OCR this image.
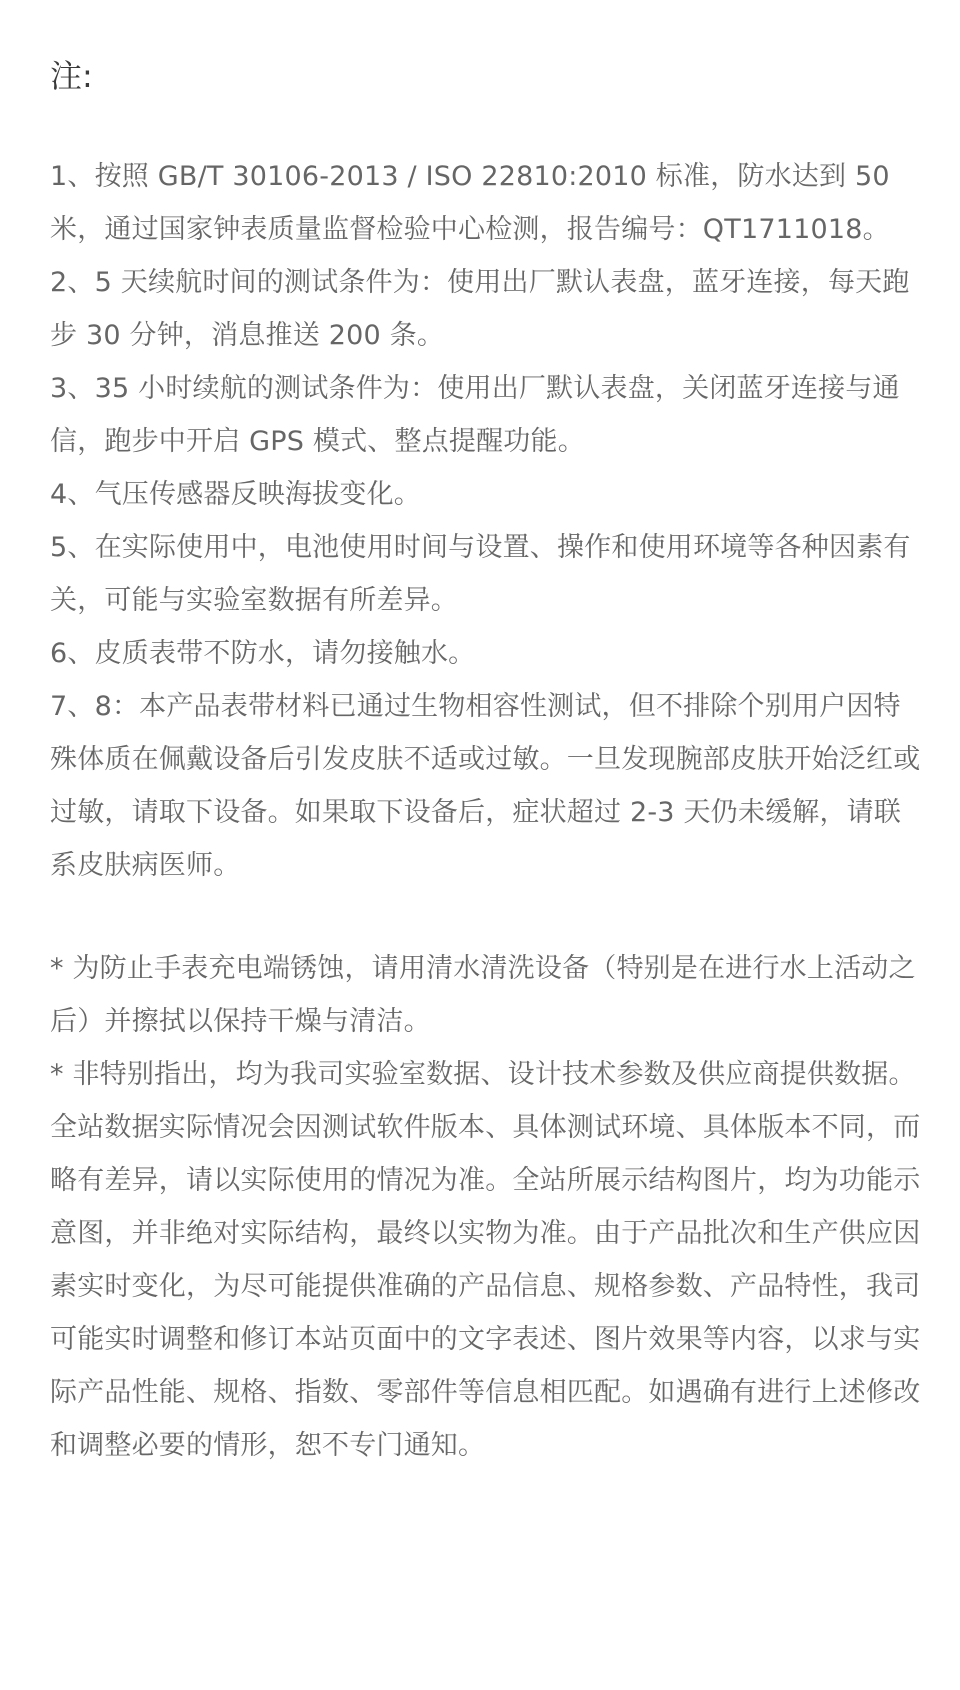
注:

1、按照 GB/T 30106-2013 / ISO 22810:2010 标准，防水达到 50 米，通过国家钟表质量监督检验中心检测，报告编号：QT1711018。

2、5 天续航时间的测试条件为：使用出厂默认表盘，蓝牙连接，每天跑步 30 分钟，消息推送 200 条。

3、35 小时续航的测试条件为：使用出厂默认表盘，关闭蓝牙连接与通信，跑步中开启 GPS 模式、整点提醒功能。

4、气压传感器反映海拔变化。

5、在实际使用中，电池使用时间与设置、操作和使用环境等各种因素有关，可能与实验室数据有所差异。

6、皮质表带不防水，请勿接触水。

7、8：本产品表带材料已通过生物相容性测试，但不排除个别用户因特殊体质在佩戴设备后引发皮肤不适或过敏。一旦发现腕部皮肤开始泛红或过敏，请取下设备。如果取下设备后，症状超过 2-3 天仍未缓解，请联系皮肤病医师。

* 为防止手表充电端锈蚀，请用清水清洗设备（特别是在进行水上活动之后）并擦拭以保持干燥与清洁。

* 非特别指出，均为我司实验室数据、设计技术参数及供应商提供数据。全站数据实际情况会因测试软件版本、具体测试环境、具体版本不同，而略有差异，请以实际使用的情况为准。全站所展示结构图片，均为功能示意图，并非绝对实际结构，最终以实物为准。由于产品批次和生产供应因素实时变化，为尽可能提供准确的产品信息、规格参数、产品特性，我司可能实时调整和修订本站页面中的文字表述、图片效果等内容，以求与实际产品性能、规格、指数、零部件等信息相匹配。如遇确有进行上述修改和调整必要的情形，恕不专门通知。
